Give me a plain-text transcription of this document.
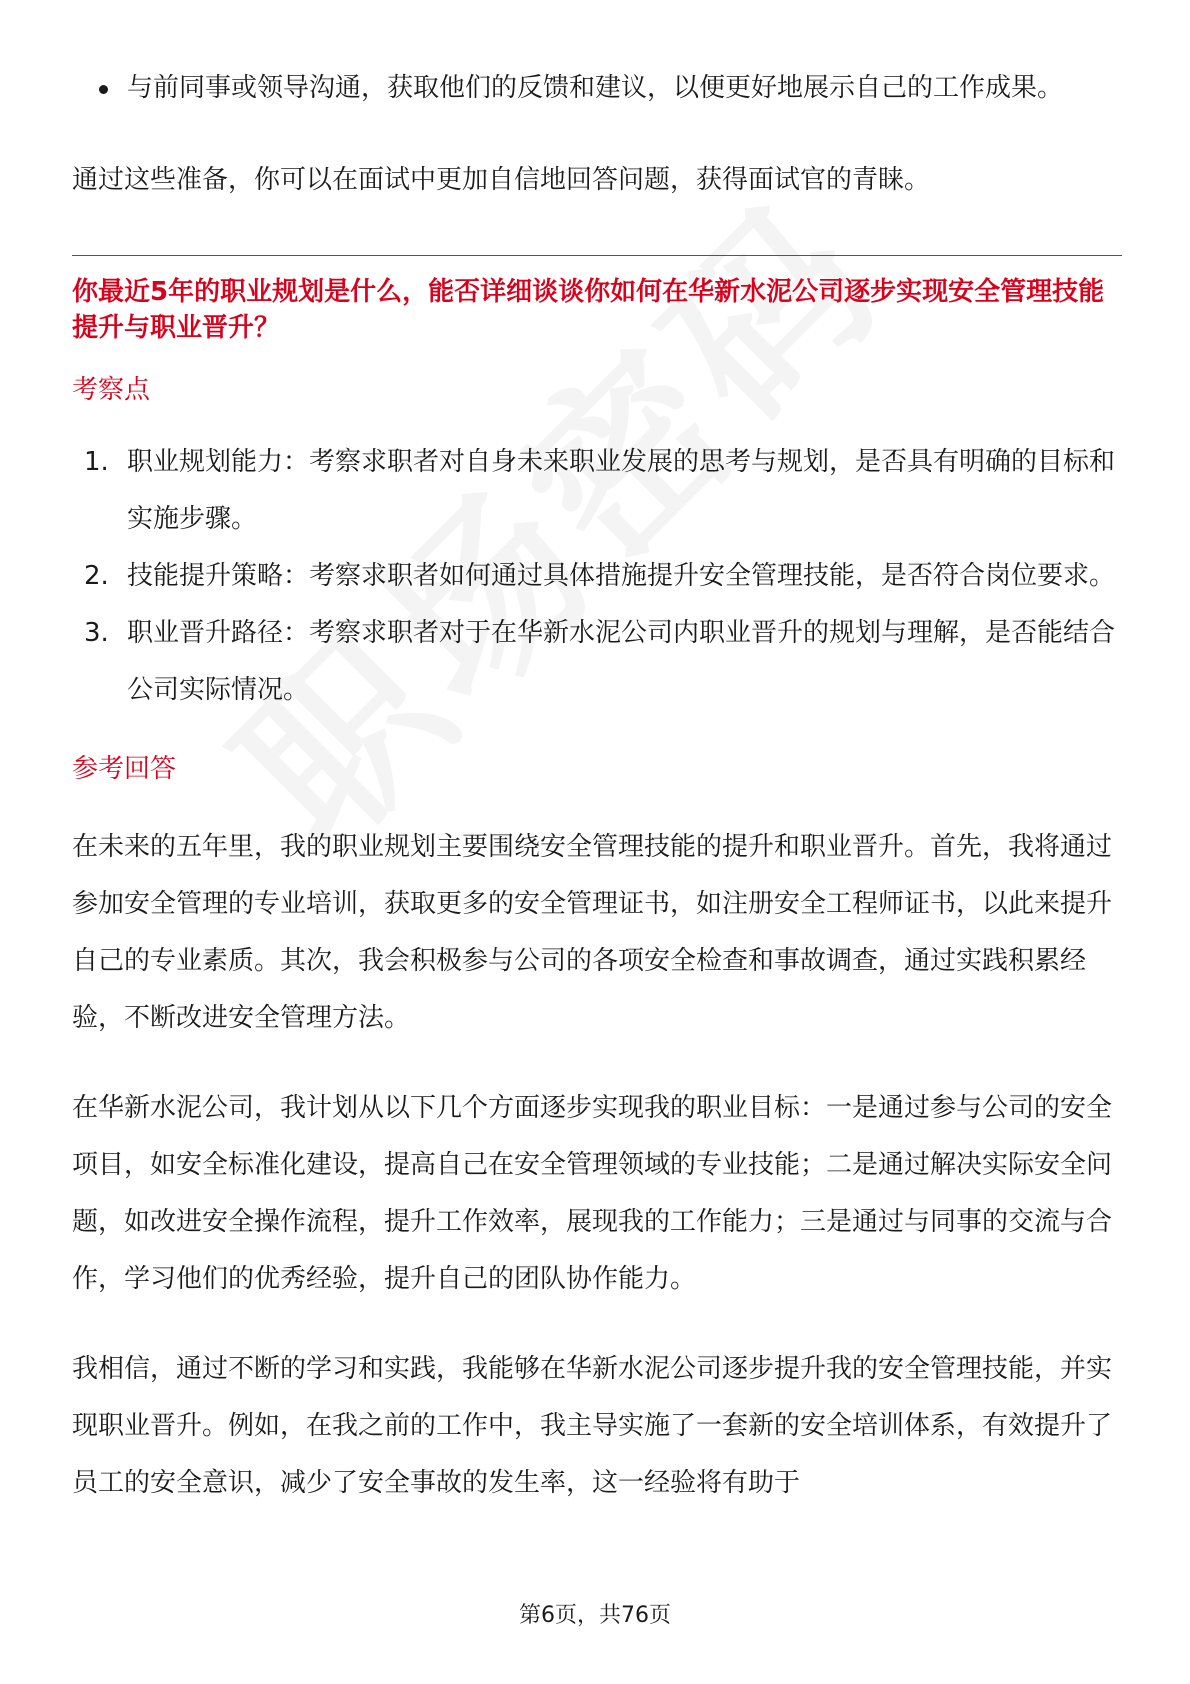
与前同事或领导沟通，获取他们的反馈和建议，以便更好地展示自己的工作成果。

通过这些准备，你可以在面试中更加自信地回答问题，获得面试官的青睐。

你最近5年的职业规划是什么，能否详细谈谈你如何在华新水泥公司逐步实现安全管理技能提升与职业晋升？
考察点
1. 职业规划能力：考察求职者对自身未来职业发展的思考与规划，是否具有明确的目标和实施步骤。
2. 技能提升策略：考察求职者如何通过具体措施提升安全管理技能，是否符合岗位要求。
3. 职业晋升路径：考察求职者对于在华新水泥公司内职业晋升的规划与理解，是否能结合公司实际情况。
参考回答

在未来的五年里，我的职业规划主要围绕安全管理技能的提升和职业晋升。首先，我将通过参加安全管理的专业培训，获取更多的安全管理证书，如注册安全工程师证书，以此来提升自己的专业素质。其次，我会积极参与公司的各项安全检查和事故调查，通过实践积累经验，不断改进安全管理方法。

在华新水泥公司，我计划从以下几个方面逐步实现我的职业目标：一是通过参与公司的安全项目，如安全标准化建设，提高自己在安全管理领域的专业技能；二是通过解决实际安全问题，如改进安全操作流程，提升工作效率，展现我的工作能力；三是通过与同事的交流与合作，学习他们的优秀经验，提升自己的团队协作能力。

我相信，通过不断的学习和实践，我能够在华新水泥公司逐步提升我的安全管理技能，并实现职业晋升。例如，在我之前的工作中，我主导实施了一套新的安全培训体系，有效提升了员工的安全意识，减少了安全事故的发生率，这一经验将有助于

第6页，共76页
